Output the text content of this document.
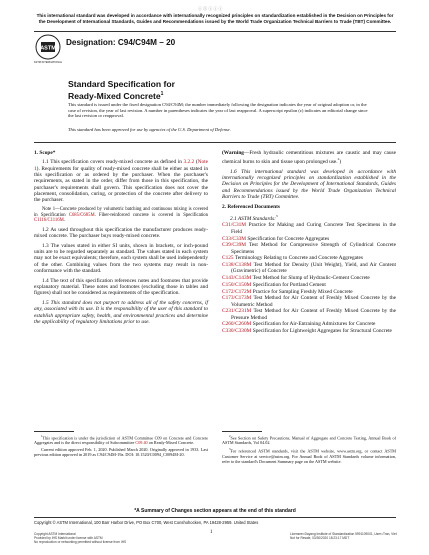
ⓘ ⓢ ⓘ ⓘ ⓘ
This international standard was developed in accordance with internationally recognized principles on standardization established in the Decision on Principles for the Development of International Standards, Guides and Recommendations issued by the World Trade Organization Technical Barriers to Trade (TBT) Committee.
ASTM
ASTM INTERNATIONAL
Designation: C94/C94M – 20
Standard Specification for
Ready-Mixed Concrete$^1$
This standard is issued under the fixed designation C94/C94M; the number immediately following the designation indicates the year of original adoption or, in the case of revision, the year of last revision. A number in parentheses indicates the year of last reapproval. A superscript epsilon (ε) indicates an editorial change since the last revision or reapproval.
This standard has been approved for use by agencies of the U.S. Department of Defense.
1. Scope*

1.1 This specification covers ready-mixed concrete as defined in 3.2.2 (Note 1). Requirements for quality of ready-mixed concrete shall be either as stated in this specification or as ordered by the purchaser. When the purchaser's requirements, as stated in the order, differ from those in this specification, the purchaser's requirements shall govern. This specification does not cover the placement, consolidation, curing, or protection of the concrete after delivery to the purchaser.

Note 1—Concrete produced by volumetric batching and continuous mixing is covered in Specification C685/C685M. Fiber-reinforced concrete is covered in Specification C1116/C1116M.

1.2 As used throughout this specification the manufacturer produces ready-mixed concrete. The purchaser buys ready-mixed concrete.

1.3 The values stated in either SI units, shown in brackets, or inch-pound units are to be regarded separately as standard. The values stated in each system may not be exact equivalents; therefore, each system shall be used independently of the other. Combining values from the two systems may result in non-conformance with the standard.

1.4 The text of this specification references notes and footnotes that provide explanatory material. These notes and footnotes (excluding those in tables and figures) shall not be considered as requirements of the specification.

1.5 This standard does not purport to address all of the safety concerns, if any, associated with its use. It is the responsibility of the user of this standard to establish appropriate safety, health, and environmental practices and determine the applicability of regulatory limitations prior to use.

(Warning—Fresh hydraulic cementitious mixtures are caustic and may cause chemical burns to skin and tissue upon prolonged use.$^2$)

1.6 This international standard was developed in accordance with internationally recognized principles on standardization established in the Decision on Principles for the Development of International Standards, Guides and Recommendations issued by the World Trade Organization Technical Barriers to Trade (TBT) Committee.

2. Referenced Documents
2.1 ASTM Standards:$^3$
C31/C31M Practice for Making and Curing Concrete Test Specimens in the Field
C33/C33M Specification for Concrete Aggregates
C39/C39M Test Method for Compressive Strength of Cylindrical Concrete Specimens
C125 Terminology Relating to Concrete and Concrete Aggregates
C138/C138M Test Method for Density (Unit Weight), Yield, and Air Content (Gravimetric) of Concrete
C143/C143M Test Method for Slump of Hydraulic-Cement Concrete
C150/C150M Specification for Portland Cement
C172/C172M Practice for Sampling Freshly Mixed Concrete
C173/C173M Test Method for Air Content of Freshly Mixed Concrete by the Volumetric Method
C231/C231M Test Method for Air Content of Freshly Mixed Concrete by the Pressure Method
C260/C260M Specification for Air-Entraining Admixtures for Concrete
C330/C330M Specification for Lightweight Aggregates for Structural Concrete

$^1$This specification is under the jurisdiction of ASTM Committee C09 on Concrete and Concrete Aggregates and is the direct responsibility of Subcommittee C09.40 on Ready-Mixed Concrete.

Current edition approved Feb. 1, 2020. Published March 2020. Originally approved in 1933. Last previous edition approved in 2019 as C94/C94M-19a. DOI: 10.1520/C0094_C0094M-20.

$^2$See Section on Safety Precautions, Manual of Aggregate and Concrete Testing, Annual Book of ASTM Standards, Vol 04.02.

$^3$For referenced ASTM standards, visit the ASTM website, www.astm.org, or contact ASTM Customer Service at service@astm.org. For Annual Book of ASTM Standards volume information, refer to the standard's Document Summary page on the ASTM website.

*A Summary of Changes section appears at the end of this standard
Copyright © ASTM International, 100 Barr Harbor Drive, PO Box C700, West Conshohocken, PA 19428-2959. United States
1
Copyright ASTM International
Provided by IHS Markit under license with ASTM
No reproduction or networking permitted without license from IHS
Licensee=Dayang Institute of Standardization 5991109001, User=Tran, Viet
Not for Resale, 03/30/2020 18:23:17 MDT
